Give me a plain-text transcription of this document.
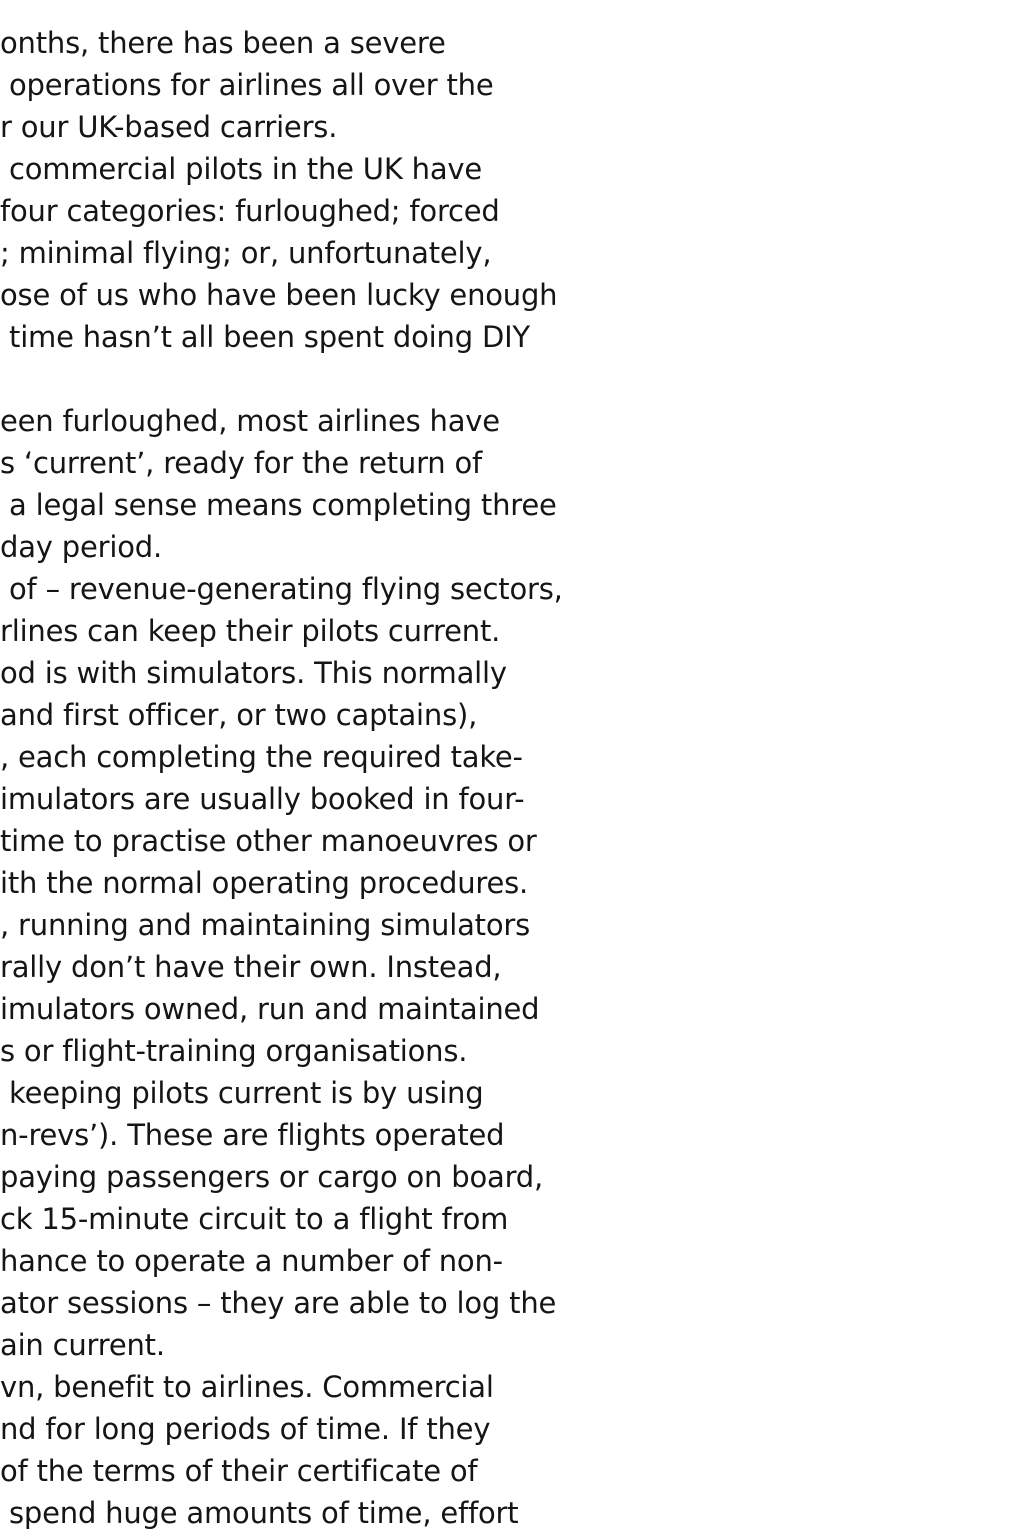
onths, there has been a severe
operations for airlines all over the
r our UK-based carriers.
commercial pilots in the UK have
four categories: furloughed; forced
; minimal flying; or, unfortunately,
ose of us who have been lucky enough
time hasn’t all been spent doing DIY
een furloughed, most airlines have
s ‘current’, ready for the return of
a legal sense means completing three
day period.
of – revenue-generating flying sectors,
rlines can keep their pilots current.
od is with simulators. This normally
and first officer, or two captains),
, each completing the required take-
imulators are usually booked in four-
time to practise other manoeuvres or
ith the normal operating procedures.
, running and maintaining simulators
rally don’t have their own. Instead,
imulators owned, run and maintained
s or flight-training organisations.
keeping pilots current is by using
n-revs’). These are flights operated
paying passengers or cargo on board,
ck 15-minute circuit to a flight from
hance to operate a number of non-
ator sessions – they are able to log the
ain current.
vn, benefit to airlines. Commercial
nd for long periods of time. If they
of the terms of their certificate of
spend huge amounts of time, effort
